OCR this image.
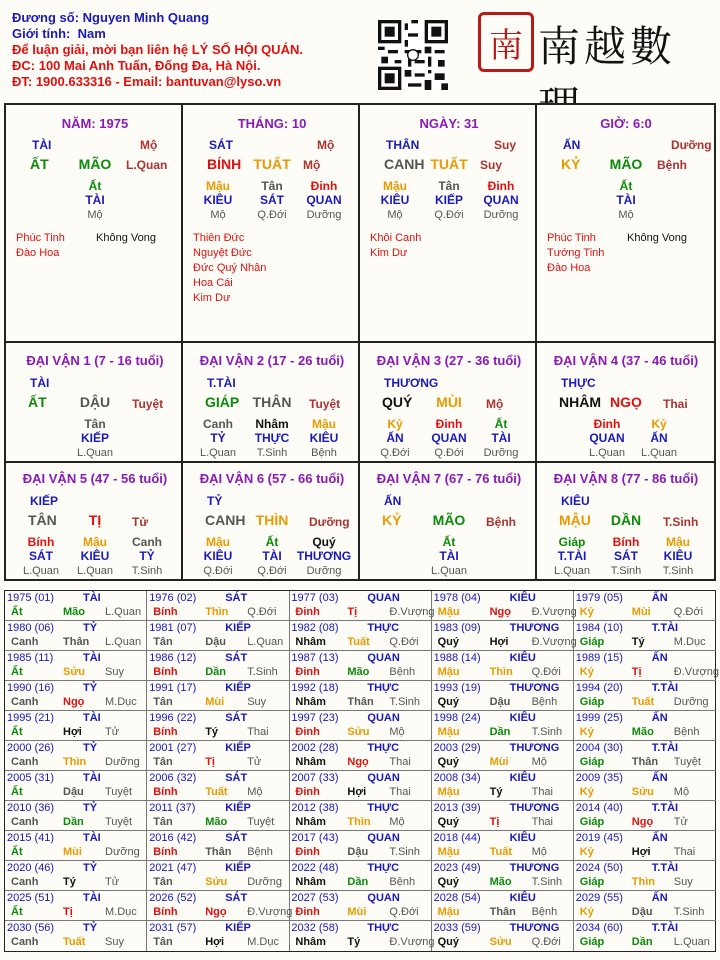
Đương số: Nguyen Minh Quang
Giới tính: Nam
Để luận giải, mời bạn liên hệ LÝ SỐ HỘI QUÁN.
ĐC: 100 Mai Anh Tuấn, Đống Đa, Hà Nội.
ĐT: 1900.633316 - Email: bantuvan@lyso.vn
南 南越數
NĂM: 1975
TÀI	Mộ
ẤT MÃO L.Quan
Ất
TÀI
Mộ
Phúc Tinh	Không Vong
Đào Hoa
THÁNG: 10
SÁT	Mộ
BÍNH TUẤT Mộ
Mậu
KIÊU
Mộ
Tân
SÁT
Q.Đới
Đinh
QUAN
Dưỡng
Thiên Đức
Nguyệt Đức
Đức Quý Nhân
Hoa Cái
Kim Dư
NGÀY: 31
THÂN	Suy
CANH TUẤT Suy
Mậu
KIÊU
Mộ
Tân
KIẾP
Q.Đới
Đinh
QUAN
Dưỡng
Khôi Canh
Kim Dư
GIỜ: 6:0
ẤN	Dưỡng
KỶ MÃO Bệnh
Ất
TÀI
Mộ
Phúc Tinh	Không Vong
Tướng Tinh
Đào Hoa
ĐẠI VẬN 1 (7 - 16 tuổi)
TÀI
ẤT DẬU Tuyệt
Tân
KIẾP
L.Quan
ĐẠI VẬN 2 (17 - 26 tuổi)
T.TÀI
GIÁP THÂN Tuyệt
Canh
TỶ
L.Quan
Nhâm
THỰC
T.Sinh
Mậu
KIÊU
Bệnh
ĐẠI VẬN 3 (27 - 36 tuổi)
THƯƠNG
QUÝ MÙI Mộ
Kỷ
ẤN
Q.Đới
Đinh
QUAN
Q.Đới
Ất
TÀI
Dưỡng
ĐẠI VẬN 4 (37 - 46 tuổi)
THỰC
NHÂM NGỌ Thai
Đinh
QUAN
L.Quan
Kỷ
ẤN
L.Quan
ĐẠI VẬN 5 (47 - 56 tuổi)
KIẾP
TÂN TỊ	Tử
Bính
SÁT
L.Quan
Mậu
KIÊU
L.Quan
Canh
TỶ
T.Sinh
ĐẠI VẬN 6 (57 - 66 tuổi)
TỶ
CANH THÌN Dưỡng
Mậu
KIÊU
Q.Đới
Ất
TÀI
Q.Đới
Quý
THƯƠNG
Dưỡng
ĐẠI VẬN 7 (67 - 76 tuổi)
ẤN
KỶ MÃO Bệnh
Ất
TÀI
L.Quan
ĐẠI VẬN 8 (77 - 86 tuổi)
KIÊU
MẬU DẦN T.Sinh
Giáp
T.TÀI
L.Quan
Bính
SÁT
T.Sinh
Mậu
KIÊU
T.Sinh
1975 (01)	TÀI
Ất	Mão L.Quan
1976 (02)	SÁT
Bính	Thìn Q.Đới
1977 (03)	QUAN
Đinh	Tị	Đ.Vượng
1978 (04)	KIÊU
Mậu	Ngọ Đ.Vượng
1979 (05)	ẤN
Kỷ	Mùi Q.Đới
1980 (06)	TỶ
Canh Thân L.Quan
1981 (07)	KIẾP
Tân	Dậu L.Quan
1982 (08)	THỰC
Nhâm Tuất Q.Đới
1983 (09)	THƯƠNG
Quý	Hợi Đ.Vượng
1984 (10)	T.TÀI
Giáp	Tý	M.Dục
1985 (11)	TÀI
Ất	Sửu Suy
1986 (12)	SÁT
Bính	Dần T.Sinh
1987 (13)	QUAN
Đinh	Mão Bệnh
1988 (14)	KIÊU
Mậu	Thìn Q.Đới
1989 (15)	ẤN
Kỷ	Tị	Đ.Vượng
1990 (16)	TỶ
Canh Ngọ M.Dục
1991 (17)	KIẾP
Tân	Mùi Suy
1992 (18)	THỰC
Nhâm Thân T.Sinh
1993 (19)	THƯƠNG
Quý	Dậu Bệnh
1994 (20)	T.TÀI
Giáp	Tuất Dưỡng
1995 (21)	TÀI
Ất	Hợi Tử
1996 (22)	SÁT
Bính	Tý	Thai
1997 (23)	QUAN
Đinh	Sửu Mộ
1998 (24)	KIÊU
Mậu	Dần T.Sinh
1999 (25)	ẤN
Kỷ	Mão Bệnh
2000 (26)	TỶ
Canh Thìn Dưỡng
2001 (27)	KIẾP
Tân	Tị	Tử
2002 (28)	THỰC
Nhâm Ngọ Thai
2003 (29)	THƯƠNG
Quý	Mùi Mộ
2004 (30)	T.TÀI
Giáp	Thân Tuyệt
2005 (31)	TÀI
Ất	Dậu Tuyệt
2006 (32)	SÁT
Bính	Tuất Mộ
2007 (33)	QUAN
Đinh	Hợi Thai
2008 (34)	KIÊU
Mậu	Tý	Thai
2009 (35)	ẤN
Kỷ	Sửu Mộ
2010 (36)	TỶ
Canh Dần Tuyệt
2011 (37)	KIẾP
Tân	Mão Tuyệt
2012 (38)	THỰC
Nhâm Thìn Mộ
2013 (39)	THƯƠNG
Quý	Tị	Thai
2014 (40)	T.TÀI
Giáp	Ngọ Tử
2015 (41)	TÀI
Ất	Mùi Dưỡng
2016 (42)	SÁT
Bính	Thân Bệnh
2017 (43)	QUAN
Đinh	Dậu T.Sinh
2018 (44)	KIÊU
Mậu	Tuất Mộ
2019 (45)	ẤN
Kỷ	Hợi Thai
2020 (46)	TỶ
Canh Tý	Tử
2021 (47)	KIẾP
Tân	Sửu Dưỡng
2022 (48)	THỰC
Nhâm Dần Bệnh
2023 (49)	THƯƠNG
Quý	Mão T.Sinh
2024 (50)	T.TÀI
Giáp	Thìn Suy
2025 (51)	TÀI
Ất	Tị	M.Dục
2026 (52)	SÁT
Bính	Ngọ Đ.Vượng
2027 (53)	QUAN
Đinh	Mùi Q.Đới
2028 (54)	KIÊU
Mậu	Thân Bệnh
2029 (55)	ẤN
Kỷ	Dậu T.Sinh
2030 (56)	TỶ
Canh Tuất Suy
2031 (57)	KIẾP
Tân	Hợi M.Dục
2032 (58)	THỰC
Nhâm Tý	Đ.Vượng
2033 (59)	THƯƠNG
Quý	Sửu Q.Đới
2034 (60)	T.TÀI
Giáp	Dần L.Quan
